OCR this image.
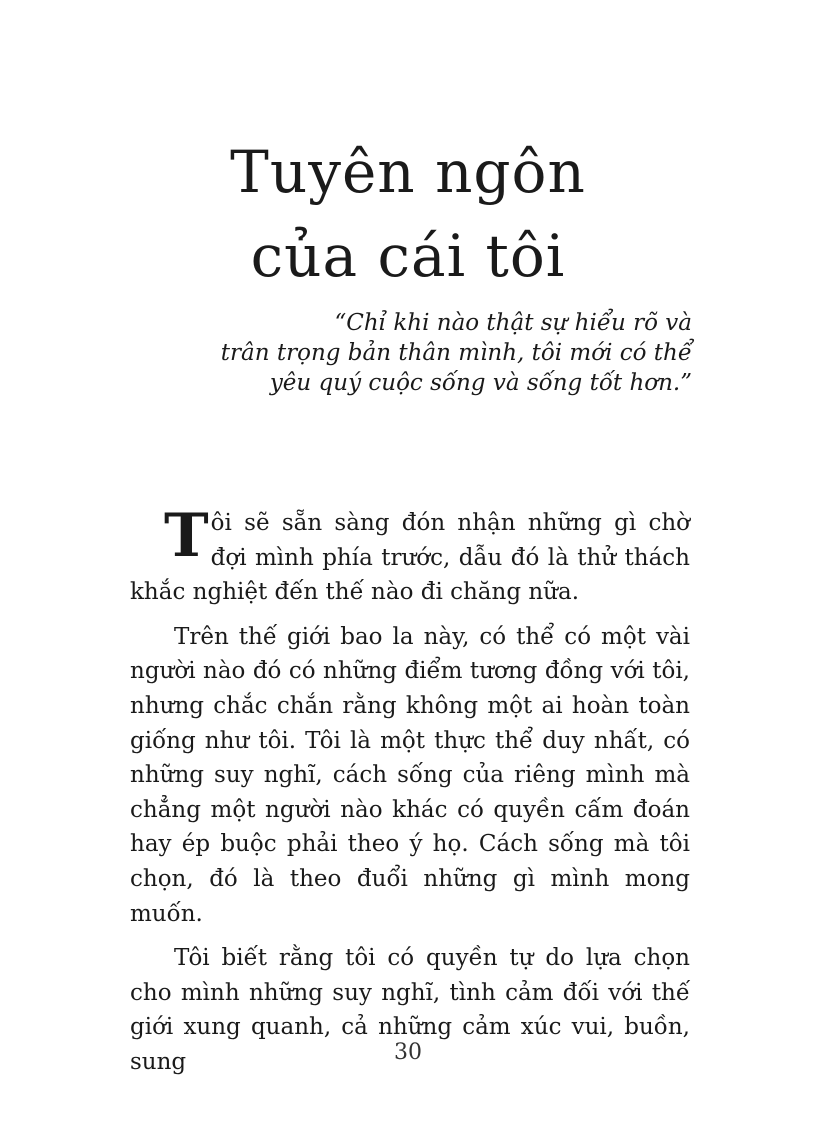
Tuyên ngôn
của cái tôi
“Chỉ khi nào thật sự hiểu rõ và
trân trọng bản thân mình, tôi mới có thể
yêu quý cuộc sống và sống tốt hơn.”

Tôi sẽ sẵn sàng đón nhận những gì chờ đợi mình phía trước, dẫu đó là thử thách khắc nghiệt đến thế nào đi chăng nữa.

Trên thế giới bao la này, có thể có một vài người nào đó có những điểm tương đồng với tôi, nhưng chắc chắn rằng không một ai hoàn toàn giống như tôi. Tôi là một thực thể duy nhất, có những suy nghĩ, cách sống của riêng mình mà chẳng một người nào khác có quyền cấm đoán hay ép buộc phải theo ý họ. Cách sống mà tôi chọn, đó là theo đuổi những gì mình mong muốn.

Tôi biết rằng tôi có quyền tự do lựa chọn cho mình những suy nghĩ, tình cảm đối với thế giới xung quanh, cả những cảm xúc vui, buồn, sung	30
